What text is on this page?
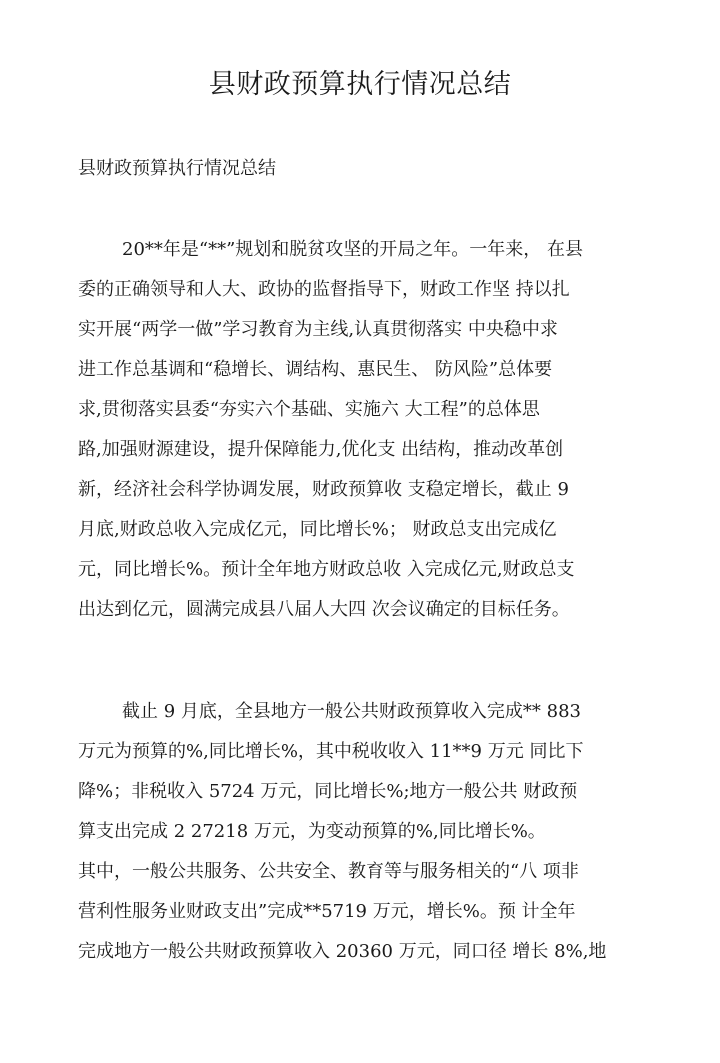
县财政预算执行情况总结

县财政预算执行情况总结

20**年是“**”规划和脱贫攻坚的开局之年。一年来， 在县
委的正确领导和人大、政协的监督指导下，财政工作坚 持以扎
实开展“两学一做”学习教育为主线,认真贯彻落实 中央稳中求
进工作总基调和“稳增长、调结构、惠民生、 防风险”总体要
求,贯彻落实县委“夯实六个基础、实施六 大工程”的总体思
路,加强财源建设，提升保障能力,优化支 出结构，推动改革创
新，经济社会科学协调发展，财政预算收 支稳定增长，截止 9
月底,财政总收入完成亿元，同比增长%； 财政总支出完成亿
元，同比增长%。预计全年地方财政总收 入完成亿元,财政总支
出达到亿元，圆满完成县八届人大四 次会议确定的目标任务。
截止 9 月底，全县地方一般公共财政预算收入完成** 883
万元为预算的%,同比增长%，其中税收收入 11**9 万元 同比下
降%；非税收入 5724 万元，同比增长%;地方一般公共 财政预
算支出完成 2 27218 万元，为变动预算的%,同比增长%。
其中，一般公共服务、公共安全、教育等与服务相关的“八 项非
营利性服务业财政支出”完成**5719 万元，增长%。预 计全年
完成地方一般公共财政预算收入 20360 万元，同口径 增长 8%,地
